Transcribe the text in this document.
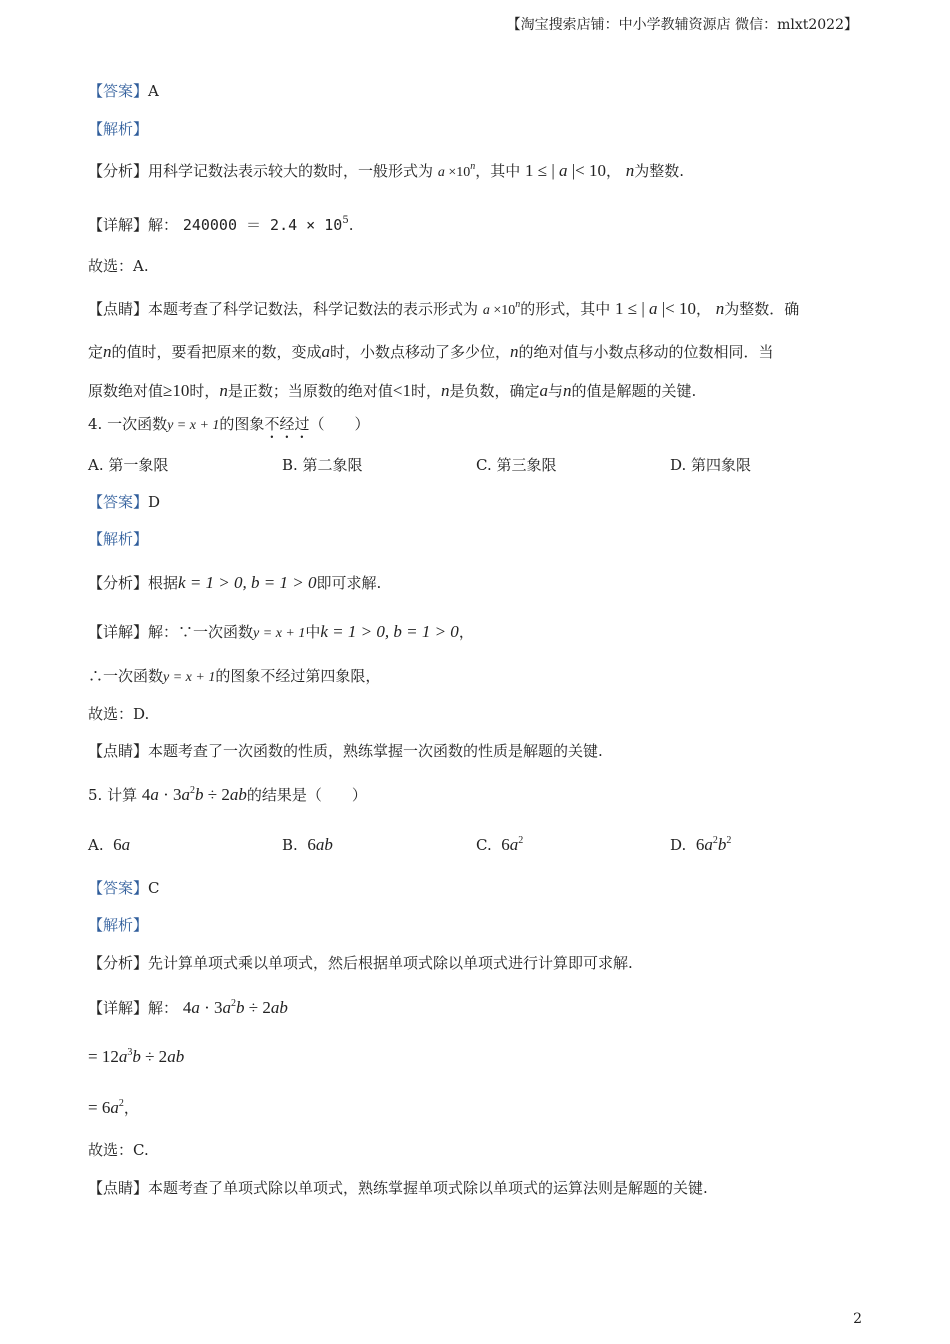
【淘宝搜索店铺：中小学教辅资源店 微信：mlxt2022】
【答案】A
【解析】
【分析】用科学记数法表示较大的数时，一般形式为 $a \times 10^n$，其中 1 ≤ | a |< 10， n为整数.
【详解】解： $240000 = 2.4 \times 10^5$.
故选：A.
【点睛】本题考查了科学记数法，科学记数法的表示形式为 $a \times 10^n$的形式，其中 1 ≤ | a |< 10， n为整数．确
定n的值时，要看把原来的数，变成a时，小数点移动了多少位，n的绝对值与小数点移动的位数相同．当
原数绝对值≥10时，n是正数；当原数的绝对值<1时，n是负数，确定a与n的值是解题的关键.
4. 一次函数y = x + 1的图象不经过（　　）
A. 第一象限	B. 第二象限	C. 第三象限	D. 第四象限
【答案】D
【解析】
【分析】根据k = 1 > 0, b = 1 > 0即可求解.
【详解】解：∵一次函数y = x + 1中k = 1 > 0, b = 1 > 0，
∴一次函数y = x + 1的图象不经过第四象限，
故选：D.
【点睛】本题考查了一次函数的性质，熟练掌握一次函数的性质是解题的关键.
5. 计算 $4a \cdot 3a^2b \div 2ab$的结果是（　　）
A. 6a	B. 6ab	C. $6a^2$	D. $6a^2b^2$
【答案】C
【解析】
【分析】先计算单项式乘以单项式，然后根据单项式除以单项式进行计算即可求解.
【详解】解： $4a \cdot 3a^2b \div 2ab$
= $12a^3b \div 2ab$
= $6a^2$，
故选：C.
【点睛】本题考查了单项式除以单项式，熟练掌握单项式除以单项式的运算法则是解题的关键.
2
